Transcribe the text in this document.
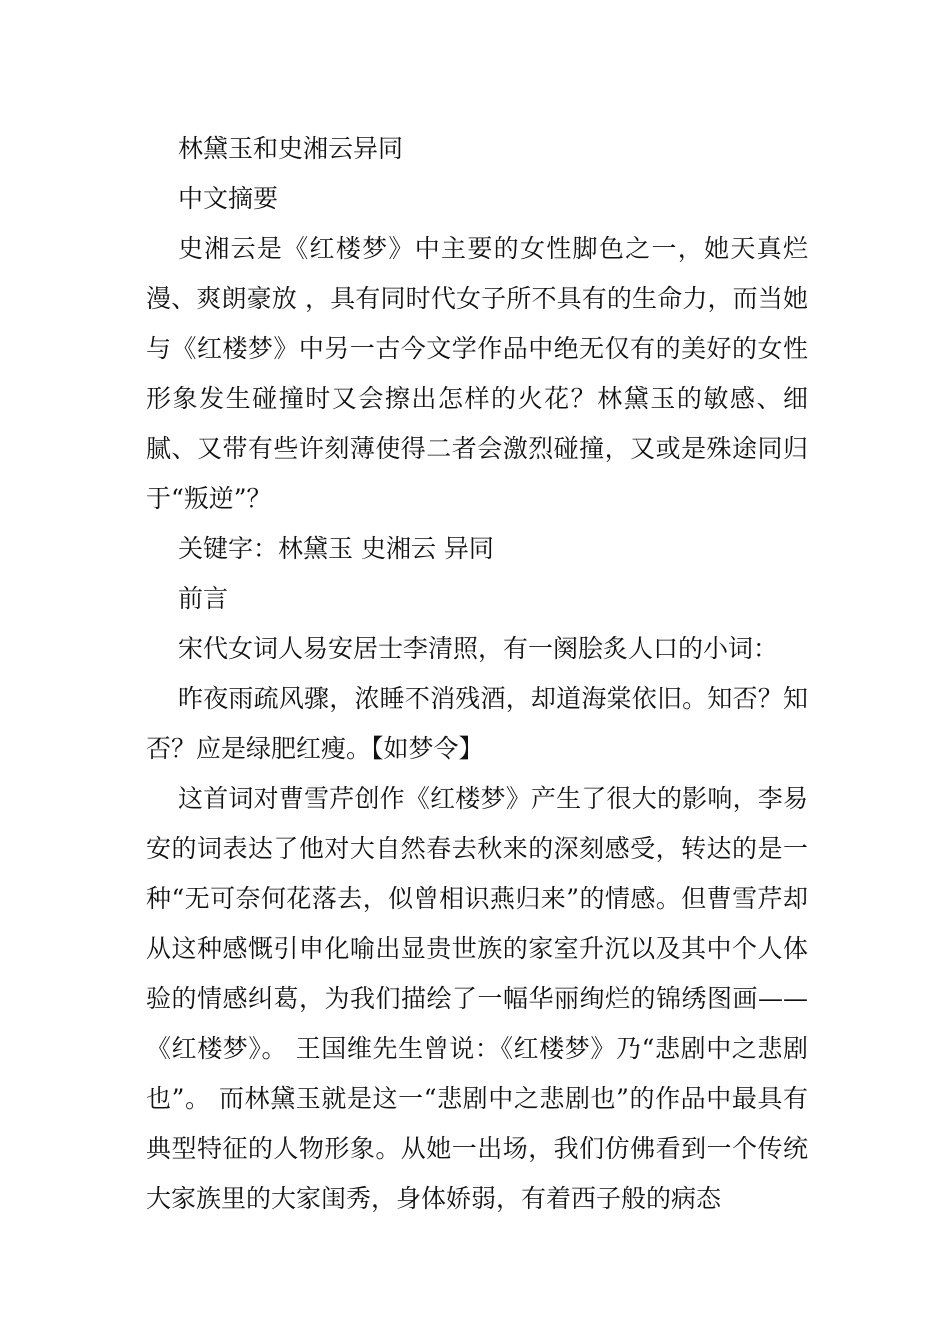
林黛玉和史湘云异同

中文摘要

史湘云是《红楼梦》中主要的女性脚色之一，她天真烂漫、爽朗豪放 ，具有同时代女子所不具有的生命力，而当她与《红楼梦》中另一古今文学作品中绝无仅有的美好的女性形象发生碰撞时又会擦出怎样的火花？林黛玉的敏感、细腻、又带有些许刻薄使得二者会激烈碰撞，又或是殊途同归于“叛逆”？

关键字：林黛玉 史湘云 异同

前言

宋代女词人易安居士李清照，有一阕脍炙人口的小词：

昨夜雨疏风骤，浓睡不消残酒，却道海棠依旧。知否？知否？应是绿肥红瘦。【如梦令】

这首词对曹雪芹创作《红楼梦》产生了很大的影响，李易安的词表达了他对大自然春去秋来的深刻感受，转达的是一种“无可奈何花落去，似曾相识燕归来”的情感。但曹雪芹却从这种感慨引申化喻出显贵世族的家室升沉以及其中个人体验的情感纠葛，为我们描绘了一幅华丽绚烂的锦绣图画——《红楼梦》。 王国维先生曾说：《红楼梦》乃“悲剧中之悲剧也”。 而林黛玉就是这一“悲剧中之悲剧也”的作品中最具有典型特征的人物形象。从她一出场，我们仿佛看到一个传统大家族里的大家闺秀，身体娇弱，有着西子般的病态
